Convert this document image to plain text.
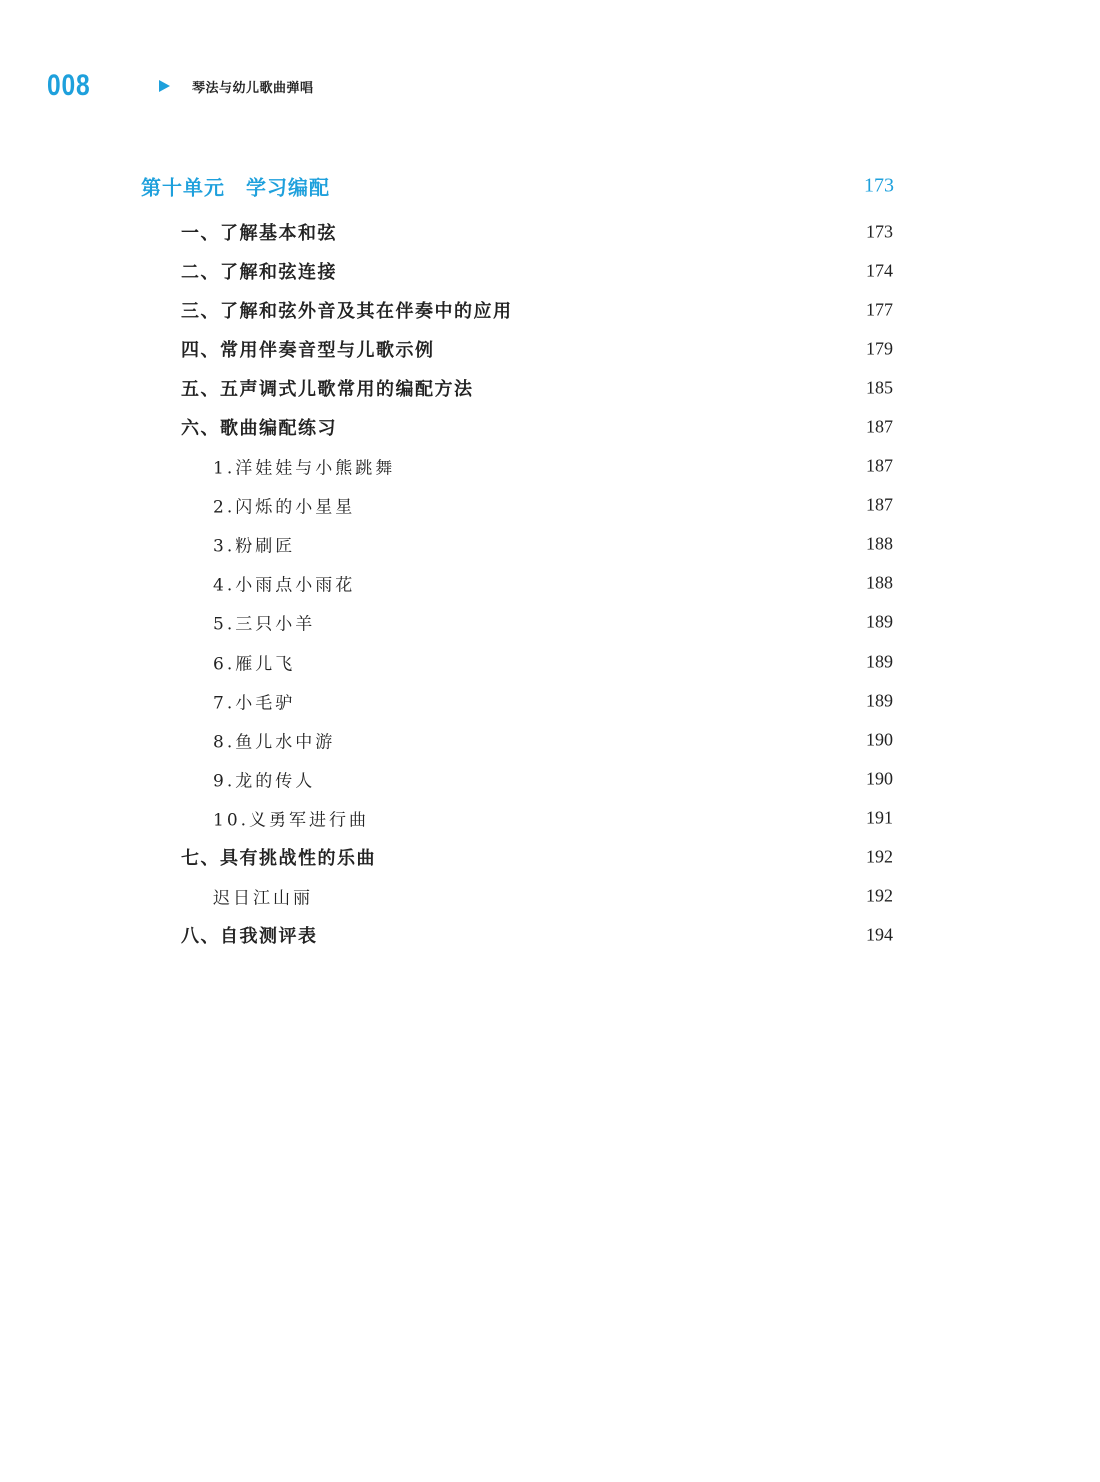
008	琴法与幼儿歌曲弹唱
第十单元　学习编配	173
一、了解基本和弦	173
二、了解和弦连接	174
三、了解和弦外音及其在伴奏中的应用	177
四、常用伴奏音型与儿歌示例	179
五、五声调式儿歌常用的编配方法	185
六、歌曲编配练习	187
1.洋娃娃与小熊跳舞	187
2.闪烁的小星星	187
3.粉刷匠	188
4.小雨点小雨花	188
5.三只小羊	189
6.雁儿飞	189
7.小毛驴	189
8.鱼儿水中游	190
9.龙的传人	190
10.义勇军进行曲	191
七、具有挑战性的乐曲	192
迟日江山丽	192
八、自我测评表	194
